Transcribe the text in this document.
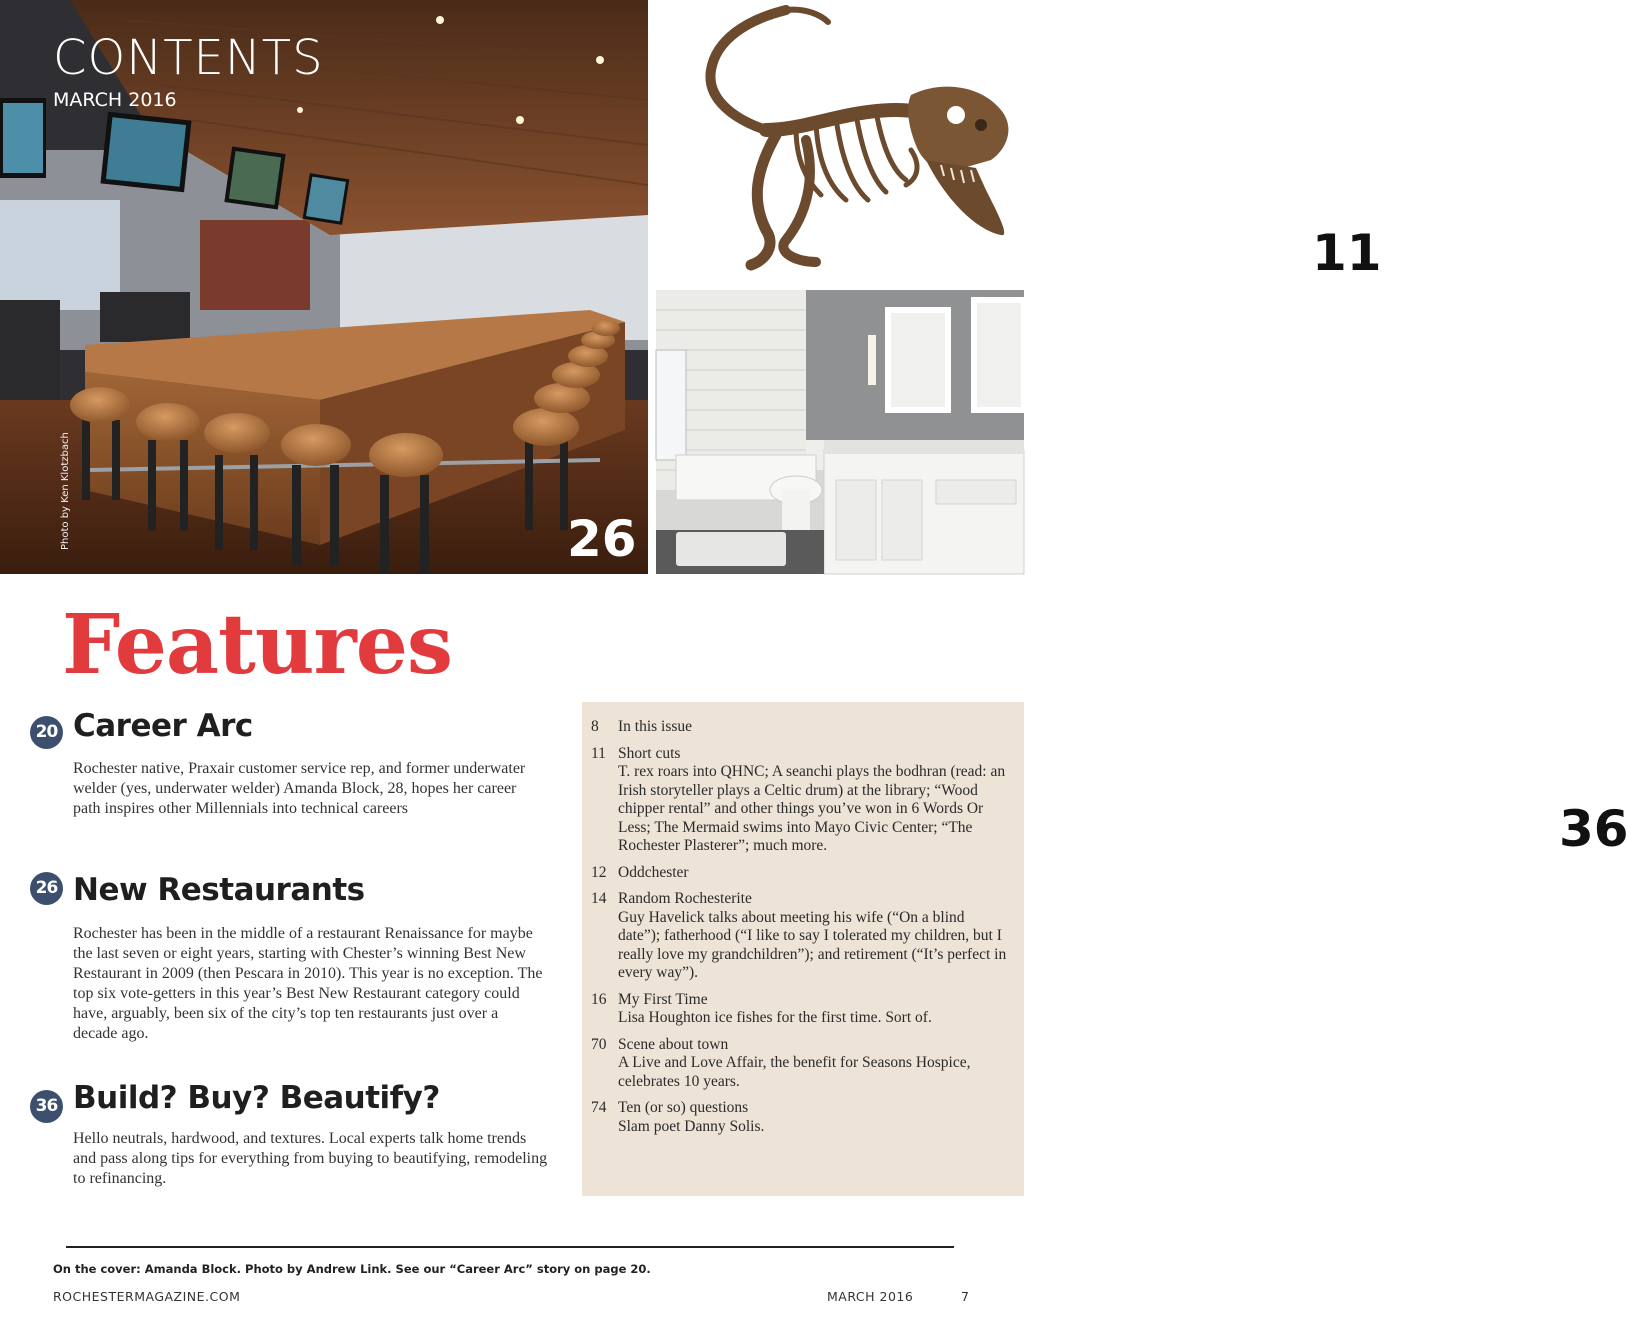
CONTENTS
MARCH 2016
Photo by Ken Klotzbach	26
11
36
Features
20 Career Arc
Rochester native, Praxair customer service rep, and former underwater welder (yes, underwater welder) Amanda Block, 28, hopes her career path inspires other Millennials into technical careers
26 New Restaurants
Rochester has been in the middle of a restaurant Renaissance for maybe the last seven or eight years, starting with Chester’s winning Best New Restaurant in 2009 (then Pescara in 2010). This year is no exception. The top six vote-getters in this year’s Best New Restaurant category could have, arguably, been six of the city’s top ten restaurants just over a decade ago.
36 Build? Buy? Beautify?
Hello neutrals, hardwood, and textures. Local experts talk home trends and pass along tips for everything from buying to beautifying, remodeling to refinancing.
8	In this issue
11 Short cuts
T. rex roars into QHNC; A seanchi plays the bodhran (read: an Irish storyteller plays a Celtic drum) at the library; “Wood chipper rental” and other things you’ve won in 6 Words Or Less; The Mermaid swims into Mayo Civic Center; “The Rochester Plasterer”; much more.
12 Oddchester
14 Random Rochesterite
Guy Havelick talks about meeting his wife (“On a blind date”); fatherhood (“I like to say I tolerated my children, but I really love my grandchildren”); and retirement (“It’s perfect in every way”).
16 My First Time
Lisa Houghton ice fishes for the first time. Sort of.
70 Scene about town
A Live and Love Affair, the benefit for Seasons Hospice, celebrates 10 years.
74 Ten (or so) questions
Slam poet Danny Solis.
On the cover: Amanda Block. Photo by Andrew Link. See our “Career Arc” story on page 20.
ROCHESTERMAGAZINE.COM	MARCH 2016	7
